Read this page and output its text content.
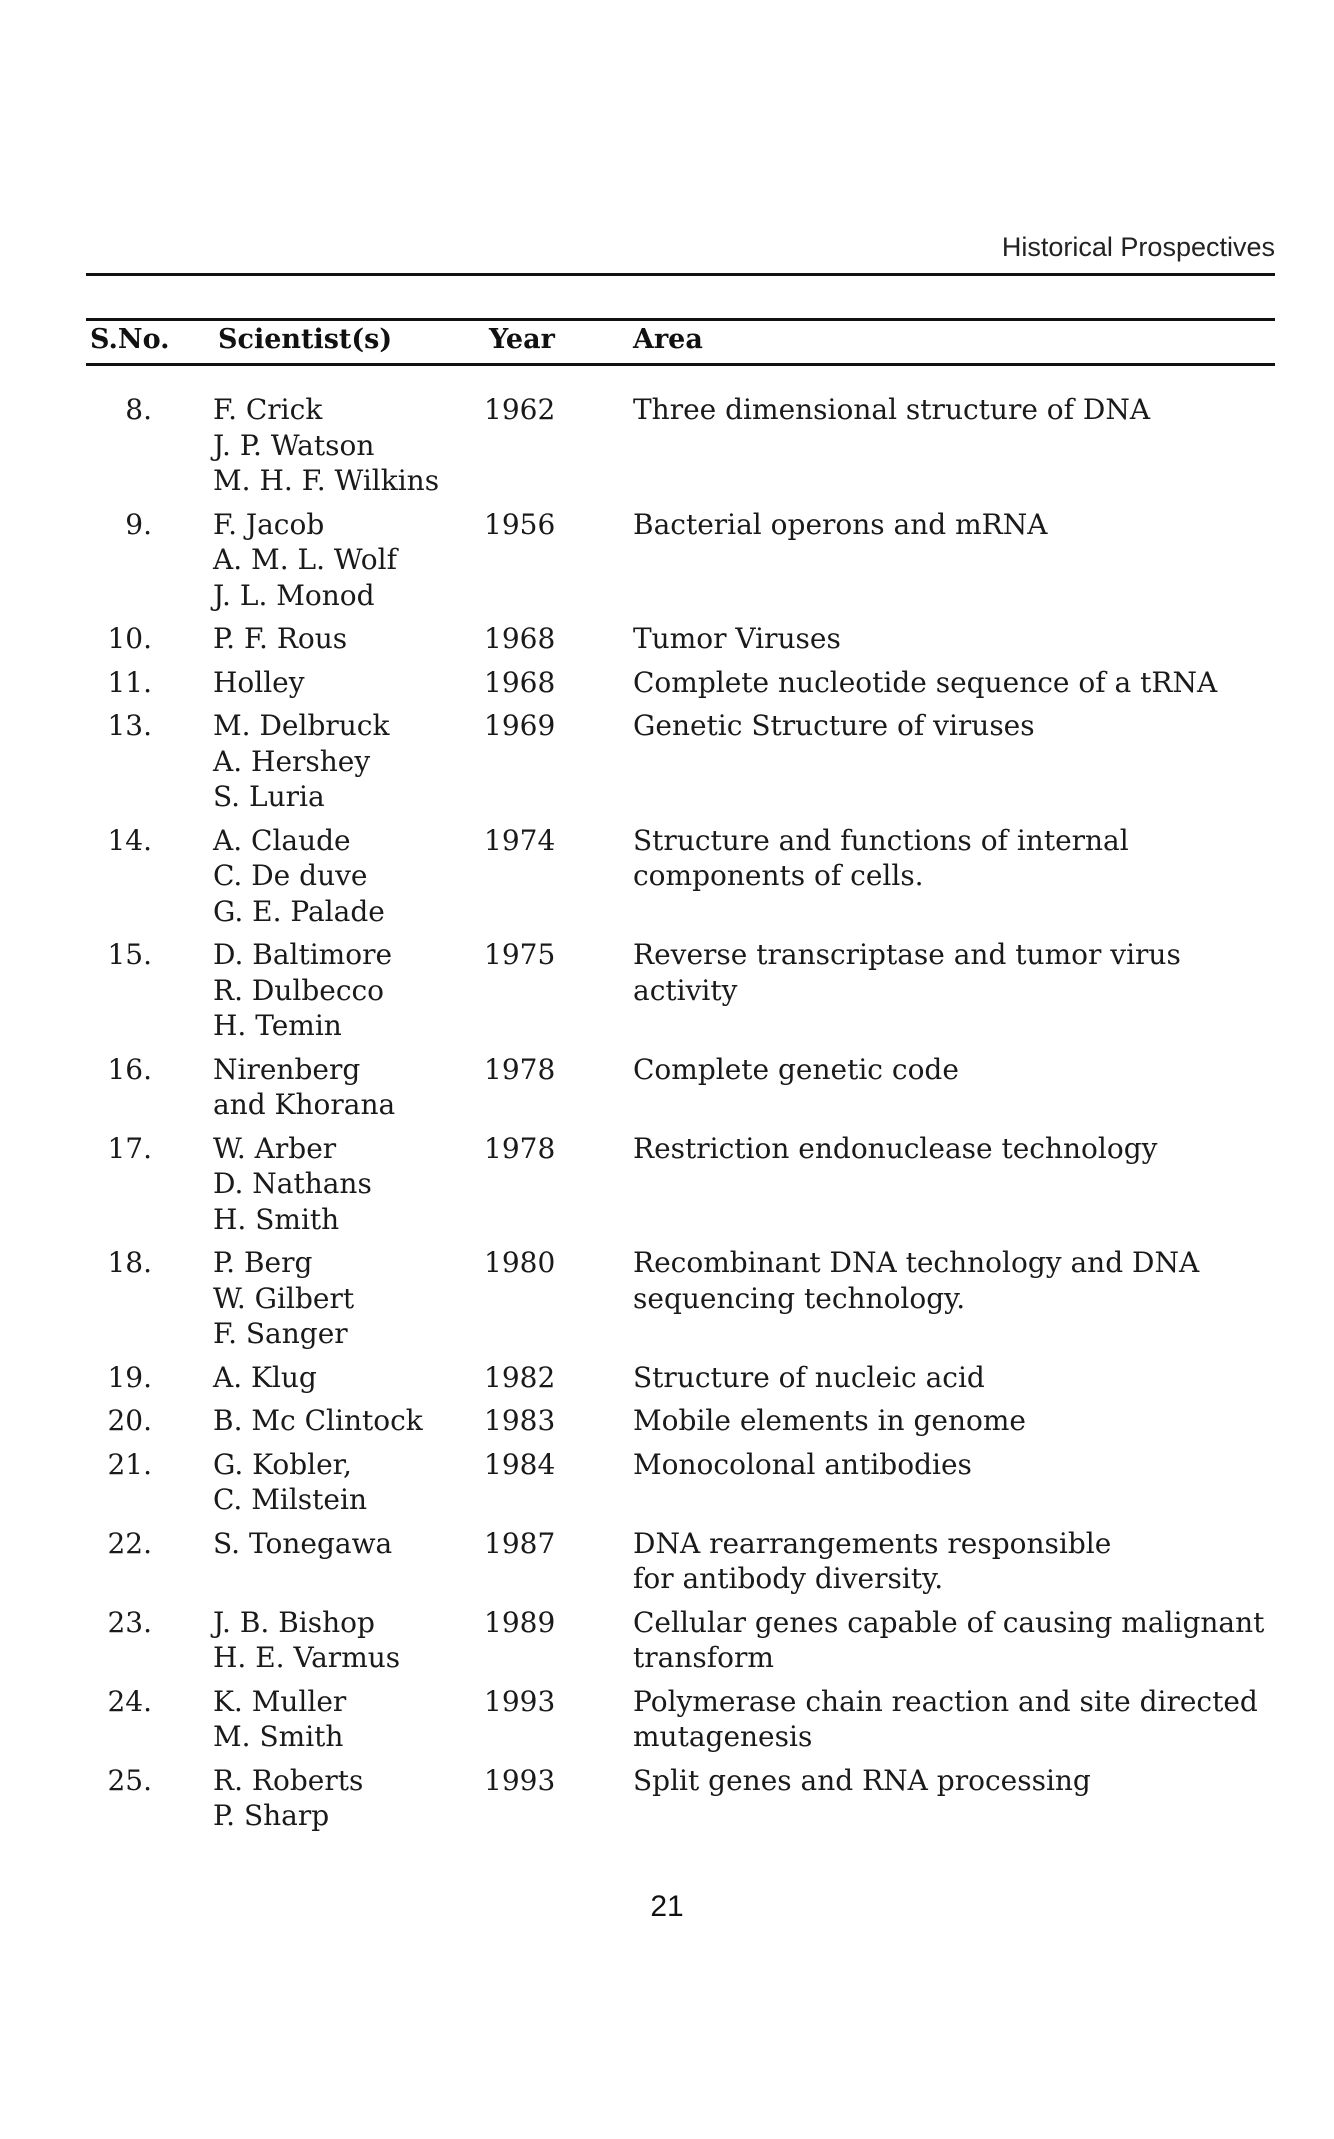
Historical Prospectives
S.No. Scientist(s)	Year	Area
8. F. Crick
J. P. Watson
M. H. F. Wilkins
1962	Three dimensional structure of DNA
9. F. Jacob
A. M. L. Wolf
J. L. Monod
1956	Bacterial operons and mRNA
10. P. F. Rous	1968	Tumor Viruses
11. Holley	1968	Complete nucleotide sequence of a tRNA
13. M. Delbruck
A. Hershey
S. Luria
1969	Genetic Structure of viruses
14. A. Claude
C. De duve
G. E. Palade
1974	Structure and functions of internal
components of cells.
15. D. Baltimore
R. Dulbecco
H. Temin
1975	Reverse transcriptase and tumor virus
activity
16. Nirenberg
and Khorana
1978	Complete genetic code
17. W. Arber
D. Nathans
H. Smith
1978	Restriction endonuclease technology
18. P. Berg
W. Gilbert
F. Sanger
1980	Recombinant DNA technology and DNA
sequencing technology.
19. A. Klug	1982	Structure of nucleic acid
20. B. Mc Clintock	1983	Mobile elements in genome
21. G. Kobler,
C. Milstein
1984	Monocolonal antibodies
22. S. Tonegawa	1987	DNA rearrangements responsible
for antibody diversity.
23. J. B. Bishop
H. E. Varmus
1989	Cellular genes capable of causing malignant
transform
24. K. Muller
M. Smith
1993	Polymerase chain reaction and site directed
mutagenesis
25. R. Roberts
P. Sharp
1993	Split genes and RNA processing
21
